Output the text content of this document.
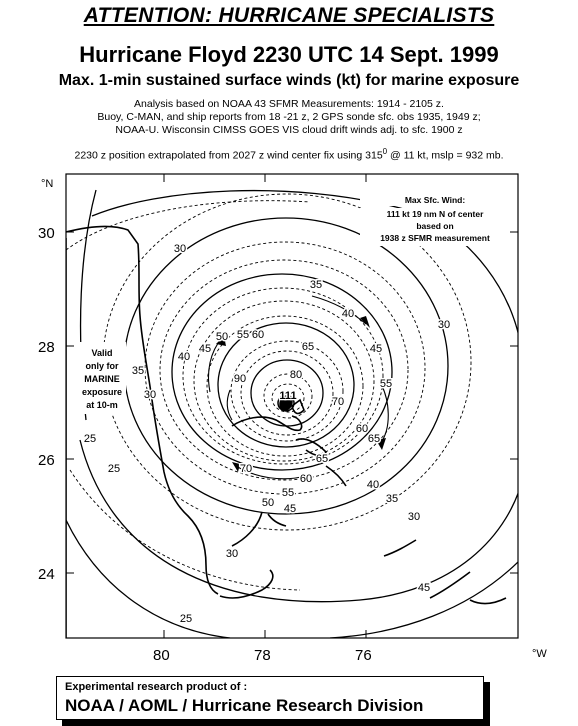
ATTENTION: HURRICANE SPECIALISTS
Hurricane Floyd 2230 UTC 14 Sept. 1999
Max. 1-min sustained surface winds (kt) for marine exposure
Analysis based on NOAA 43 SFMR Measurements: 1914 - 2105 z.
Buoy, C-MAN, and ship reports from 18 -21 z, 2 GPS sonde sfc. obs 1935, 1949 z;
NOAA-U. Wisconsin CIMSS GOES VIS cloud drift winds adj. to sfc. 1900 z
2230 z position extrapolated from 2027 z wind center fix using $315^0$ @ 11 kt, mslp = 932 mb.
°N
°W
30
28
26
24
80	78	76
Max Sfc. Wind:
111 kt 19 nm N of center
based on
1938 z SFMR measurement
Valid
only for
MARINE
exposure
at 10-m
111
30
35
40
45
50 55 60
65
70
80
90
30
40
45
55
60
65
70
65
60
55
50 45
40
35
30
25
35
30
25
30
25
45
Experimental research product of :
NOAA / AOML / Hurricane Research Division
